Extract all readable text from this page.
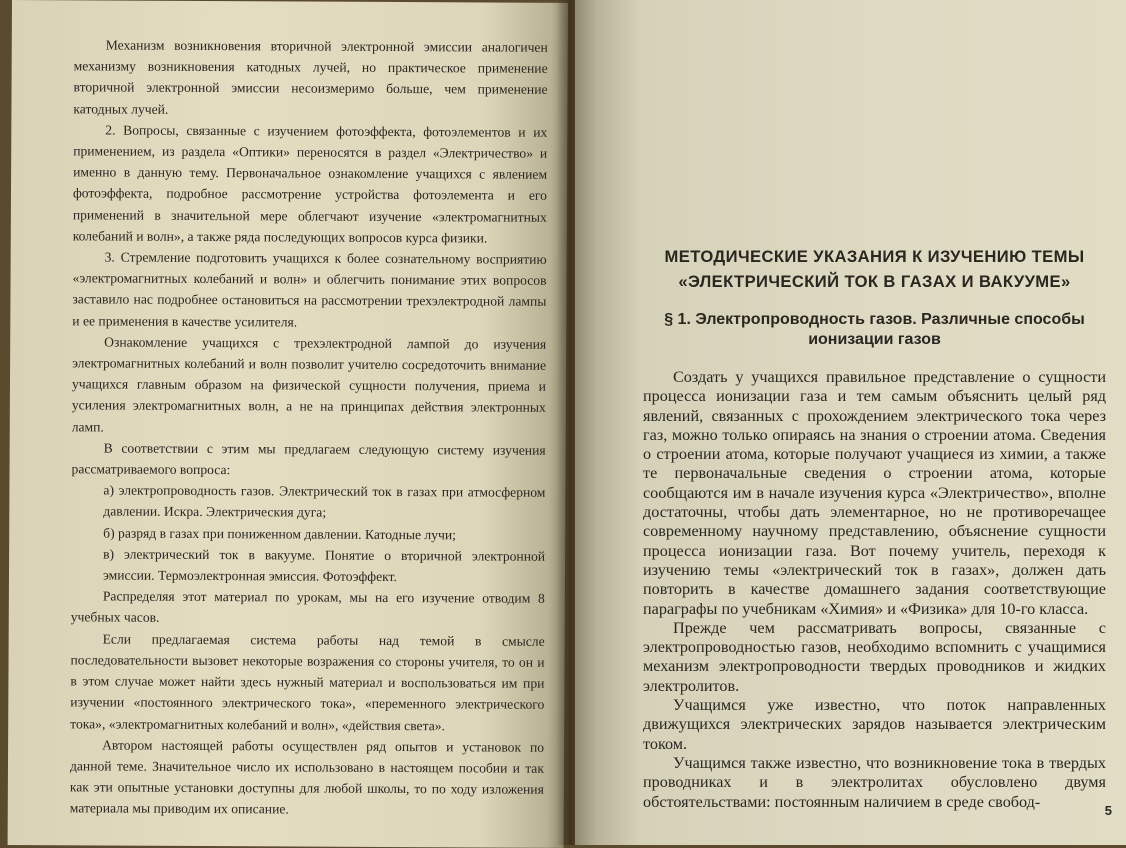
Механизм возникновения вторичной электронной эмиссии аналогичен механизму возникновения катодных лучей, но практическое применение вторичной электронной эмиссии несоизмеримо больше, чем применение катодных лучей.

2. Вопросы, связанные с изучением фотоэффекта, фотоэлементов и их применением, из раздела «Оптики» переносятся в раздел «Электричество» и именно в данную тему. Первоначальное ознакомление учащихся с явлением фотоэффекта, подробное рассмотрение устройства фотоэлемента и его применений в значительной мере облегчают изучение «электромагнитных колебаний и волн», а также ряда последующих вопросов курса физики.

3. Стремление подготовить учащихся к более сознательному восприятию «электромагнитных колебаний и волн» и облегчить понимание этих вопросов заставило нас подробнее остановиться на рассмотрении трехэлектродной лампы и ее применения в качестве усилителя.

Ознакомление учащихся с трехэлектродной лампой до изучения электромагнитных колебаний и волн позволит учителю сосредоточить внимание учащихся главным образом на физической сущности получения, приема и усиления электромагнитных волн, а не на принципах действия электронных ламп.

В соответствии с этим мы предлагаем следующую систему изучения рассматриваемого вопроса:

а) электропроводность газов. Электрический ток в газах при атмосферном давлении. Искра. Электрическия дуга;

б) разряд в газах при пониженном давлении. Катодные лучи;

в) электрический ток в вакууме. Понятие о вторичной электронной эмиссии. Термоэлектронная эмиссия. Фотоэффект.

Распределяя этот материал по урокам, мы на его изучение отводим 8 учебных часов.

Если предлагаемая система работы над темой в смысле последовательности вызовет некоторые возражения со стороны учителя, то он и в этом случае может найти здесь нужный материал и воспользоваться им при изучении «постоянного электрического тока», «переменного электрического тока», «электромагнитных колебаний и волн», «действия света».

Автором настоящей работы осуществлен ряд опытов и установок по данной теме. Значительное число их использовано в настоящем пособии и так как эти опытные установки доступны для любой школы, то по ходу изложения материала мы приводим их описание.

МЕТОДИЧЕСКИЕ УКАЗАНИЯ К ИЗУЧЕНИЮ ТЕМЫ
«ЭЛЕКТРИЧЕСКИЙ ТОК В ГАЗАХ И ВАКУУМЕ»
§ 1. Электропроводность газов. Различные способы ионизации газов

Создать у учащихся правильное представление о сущности процесса ионизации газа и тем самым объяснить целый ряд явлений, связанных с прохождением электрического тока через газ, можно только опираясь на знания о строении атома. Сведения о строении атома, которые получают учащиеся из химии, а также те первоначальные сведения о строении атома, которые сообщаются им в начале изучения курса «Электричество», вполне достаточны, чтобы дать элементарное, но не противоречащее современному научному представлению, объяснение сущности процесса ионизации газа. Вот почему учитель, переходя к изучению темы «электрический ток в газах», должен дать повторить в качестве домашнего задания соответствующие параграфы по учебникам «Химия» и «Физика» для 10-го класса.

Прежде чем рассматривать вопросы, связанные с электропроводностью газов, необходимо вспомнить с учащимися механизм электропроводности твердых проводников и жидких электролитов.

Учащимся уже известно, что поток направленных движущихся электрических зарядов называется электрическим током.

Учащимся также известно, что возникновение тока в твердых проводниках и в электролитах обусловлено двумя обстоятельствами: постоянным наличием в среде свобод-	5
